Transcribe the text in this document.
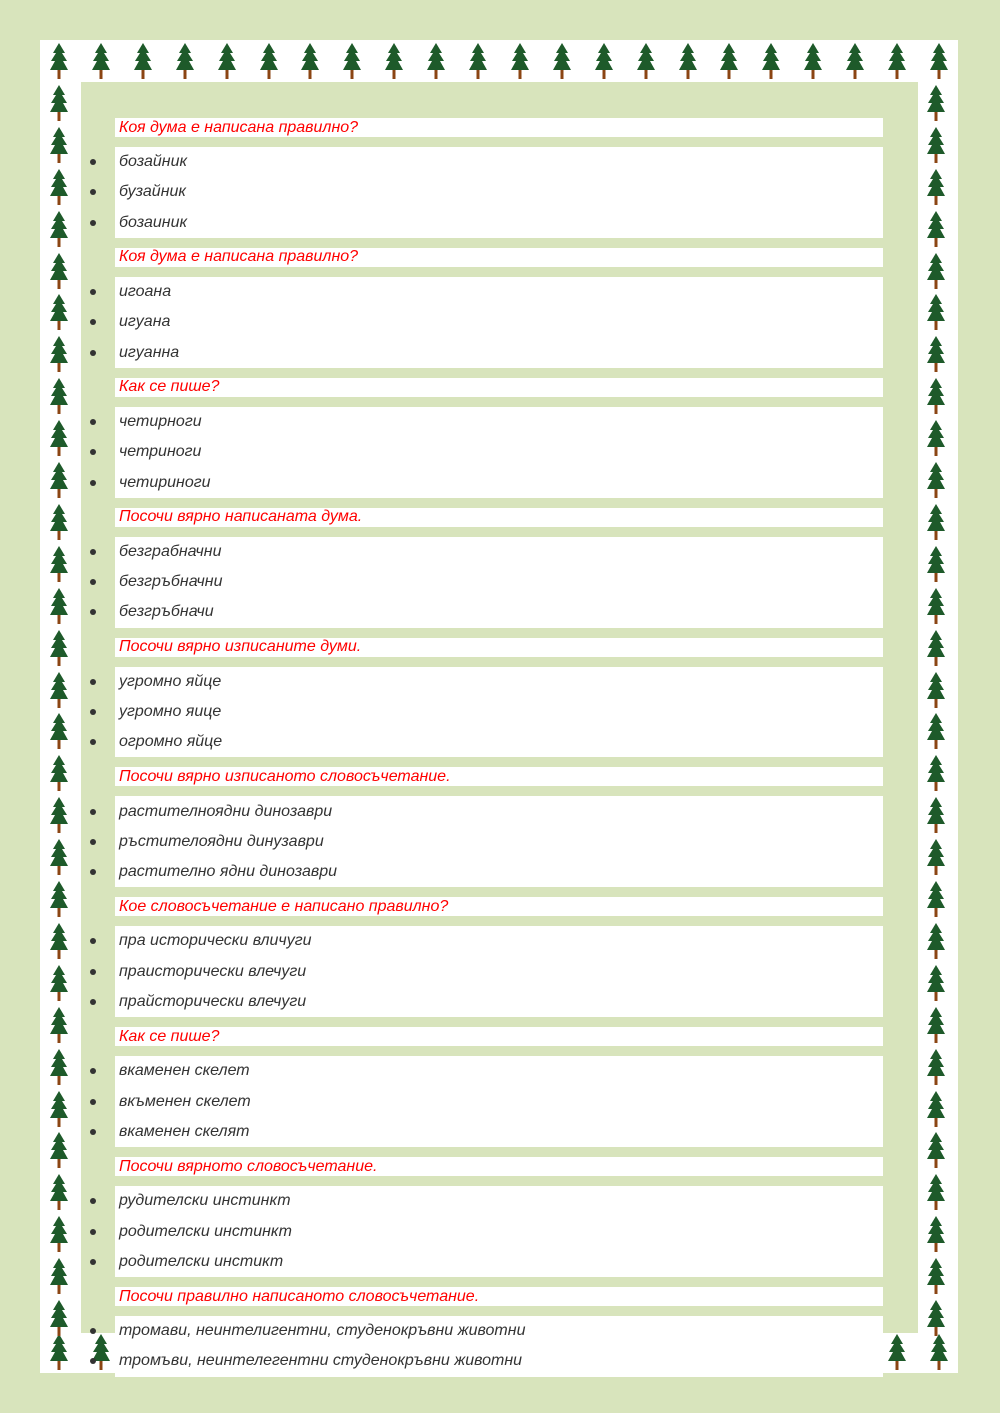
Коя дума е написана правилно?
бозайник
бузайник
бозаиник
Коя дума е написана правилно?
игоана
игуана
игуанна
Как се пише?
четирноги
четриноги
четириноги
Посочи вярно написаната дума.
безграбначни
безгръбначни
безгръбначи
Посочи вярно изписаните думи.
угромно яйце
угромно яице
огромно яйце
Посочи вярно изписаното словосъчетание.
растителноядни динозаври
ръстителоядни динузаври
растително ядни динозаври
Кое словосъчетание е написано правилно?
пра исторически вличуги
праисторически влечуги
прайсторически влечуги
Как се пише?
вкаменен скелет
вкъменен скелет
вкаменен скелят
Посочи вярното словосъчетание.
рудителски инстинкт
родителски инстинкт
родителски инстикт
Посочи правилно написаното словосъчетание.
тромави, неинтелигентни, студенокръвни животни
тромъви, неинтелегентни студенокръвни животни
